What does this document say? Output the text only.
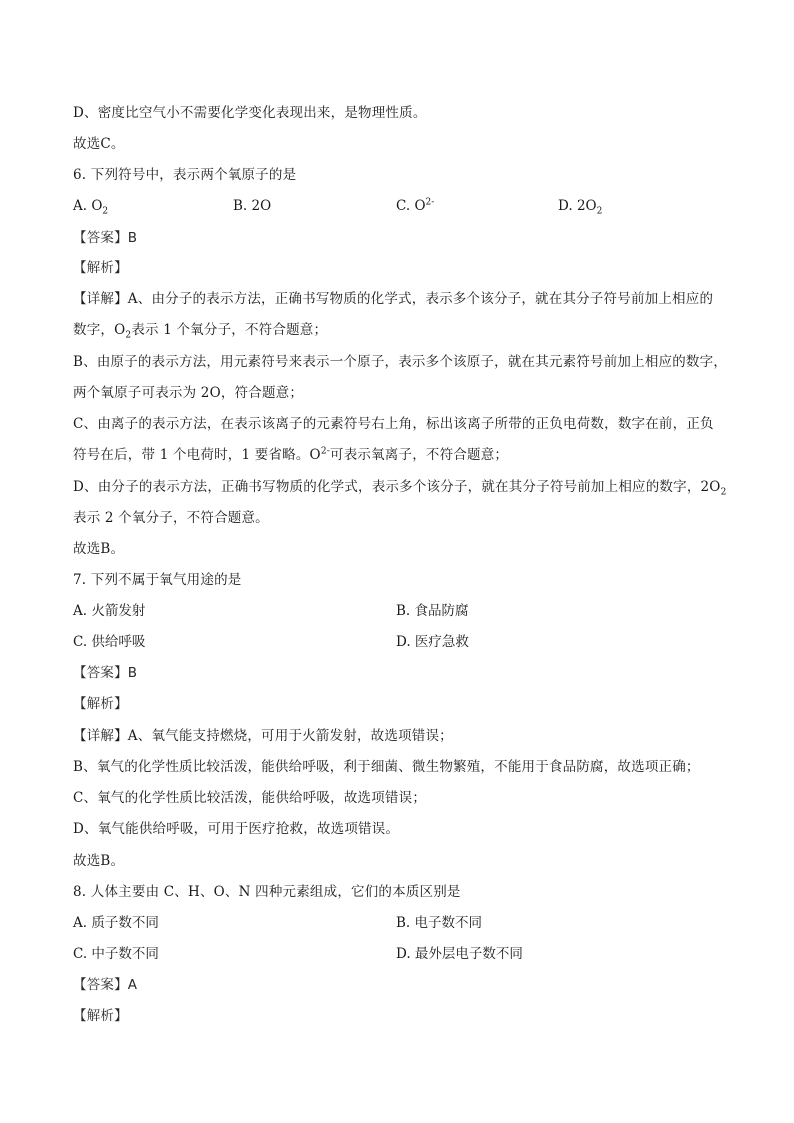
D、密度比空气小不需要化学变化表现出来，是物理性质。
故选C。
6. 下列符号中，表示两个氧原子的是
A. $O_2$	B. 2O	C. $O^{2-}$	D. $2O_2$
【答案】B
【解析】
【详解】A、由分子的表示方法，正确书写物质的化学式，表示多个该分子，就在其分子符号前加上相应的
数字，$O_2$表示 1 个氧分子，不符合题意；
B、由原子的表示方法，用元素符号来表示一个原子，表示多个该原子，就在其元素符号前加上相应的数字，
两个氧原子可表示为 2O，符合题意；
C、由离子的表示方法，在表示该离子的元素符号右上角，标出该离子所带的正负电荷数，数字在前，正负
符号在后，带 1 个电荷时，1 要省略。$O^{2-}$可表示氧离子，不符合题意；
D、由分子的表示方法，正确书写物质的化学式，表示多个该分子，就在其分子符号前加上相应的数字，$2O_2$
表示 2 个氧分子，不符合题意。
故选B。
7. 下列不属于氧气用途的是
A. 火箭发射	B. 食品防腐
C. 供给呼吸	D. 医疗急救
【答案】B
【解析】
【详解】A、氧气能支持燃烧，可用于火箭发射，故选项错误；
B、氧气的化学性质比较活泼，能供给呼吸，利于细菌、微生物繁殖，不能用于食品防腐，故选项正确；
C、氧气的化学性质比较活泼，能供给呼吸，故选项错误；
D、氧气能供给呼吸，可用于医疗抢救，故选项错误。
故选B。
8. 人体主要由 C、H、O、N 四种元素组成，它们的本质区别是
A. 质子数不同	B. 电子数不同
C. 中子数不同	D. 最外层电子数不同
【答案】A
【解析】
